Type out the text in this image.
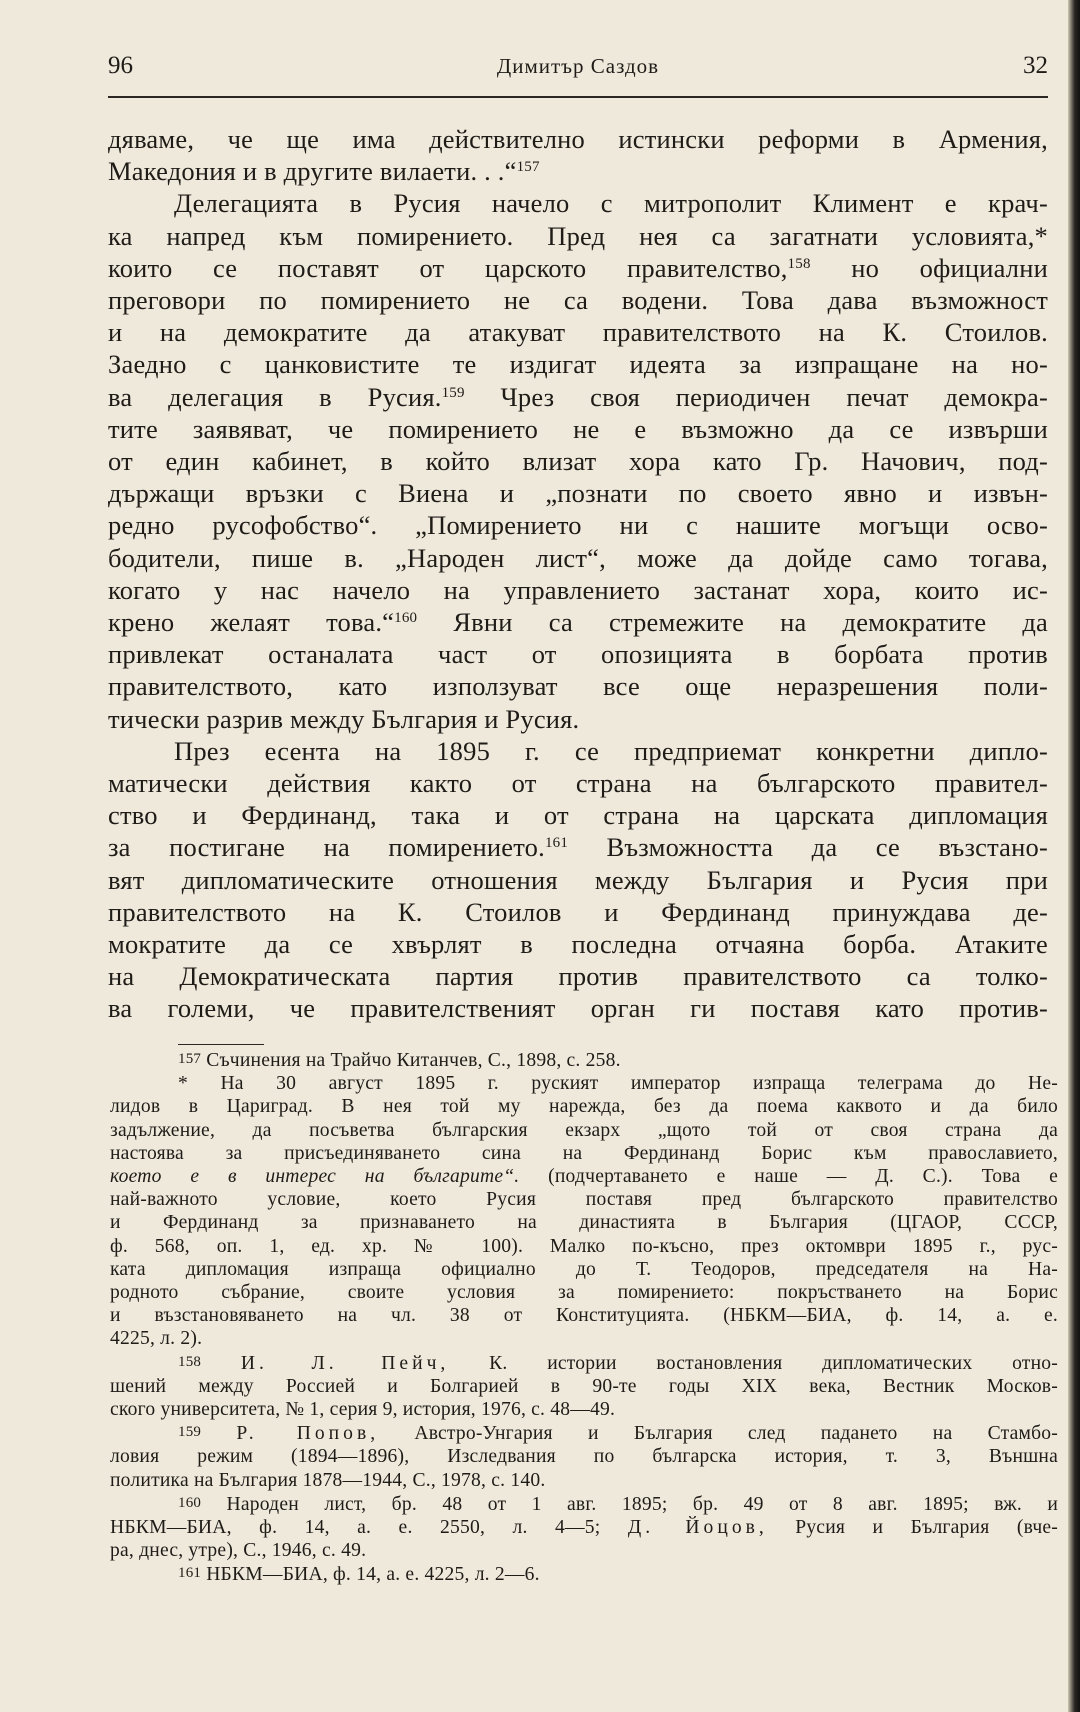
96	Димитър Саздов	32
дяваме, че ще има действително истински реформи в Армения,
Македония и в другите вилаети. . .“$^{157}$
Делегацията в Русия начело с митрополит Климент е крач-
ка напред към помирението. Пред нея са загатнати условията,*
които се поставят от царското правителство,$^{158}$ но официални
преговори по помирението не са водени. Това дава възможност
и на демократите да атакуват правителството на К. Стоилов.
Заедно с цанковистите те издигат идеята за изпращане на но-
ва делегация в Русия.$^{159}$ Чрез своя периодичен печат демокра-
тите заявяват, че помирението не е възможно да се извърши
от един кабинет, в който влизат хора като Гр. Начович, под-
държащи връзки с Виена и „познати по своето явно и извън-
редно русофобство“. „Помирението ни с нашите могъщи осво-
бодители, пише в. „Народен лист“, може да дойде само тогава,
когато у нас начело на управлението застанат хора, които ис-
крено желаят това.“$^{160}$ Явни са стремежите на демократите да
привлекат останалата част от опозицията в борбата против
правителството, като използуват все още неразрешения поли-
тически разрив между България и Русия.
През есента на 1895 г. се предприемат конкретни дипло-
матически действия както от страна на българското правител-
ство и Фердинанд, така и от страна на царската дипломация
за постигане на помирението.$^{161}$ Възможността да се възстано-
вят дипломатическите отношения между България и Русия при
правителството на К. Стоилов и Фердинанд принуждава де-
мократите да се хвърлят в последна отчаяна борба. Атаките
на Демократическата партия против правителството са толко-
ва големи, че правителственият орган ги поставя като против-
157 Съчинения на Трайчо Китанчев, С., 1898, с. 258.
* На 30 август 1895 г. руският император изпраща телеграма до Не-
лидов в Цариград. В нея той му нарежда, без да поема каквото и да било
задължение, да посъветва българския екзарх „щото той от своя страна да
настоява за присъединяването сина на Фердинанд Борис към православието,
което е в интерес на българите“. (подчертаването е наше — Д. С.). Това е
най-важното условие, което Русия поставя пред българското правителство
и Фердинанд за признаването на династията в България (ЦГАОР, СССР,
ф. 568, оп. 1, ед. хр. № 100). Малко по-късно, през октомври 1895 г., рус-
ката дипломация изпраща официално до Т. Теодоров, председателя на На-
родното събрание, своите условия за помирението: покръстването на Борис
и възстановяването на чл. 38 от Конституцията. (НБКМ—БИА, ф. 14, а. е.
4225, л. 2).
158 И. Л. Пейч, К. истории востановления дипломатических отно-
шений между Россией и Болгарией в 90-те годы XIX века, Вестник Москов-
ского университета, № 1, серия 9, история, 1976, с. 48—49.
159 Р. Попов, Австро-Унгария и България след падането на Стамбо-
ловия режим (1894—1896), Изследвания по българска история, т. 3, Външна
политика на България 1878—1944, С., 1978, с. 140.
160 Народен лист, бр. 48 от 1 авг. 1895; бр. 49 от 8 авг. 1895; вж. и
НБКМ—БИА, ф. 14, а. е. 2550, л. 4—5; Д. Йоцов, Русия и България (вче-
ра, днес, утре), С., 1946, с. 49.
161 НБКМ—БИА, ф. 14, а. е. 4225, л. 2—6.
